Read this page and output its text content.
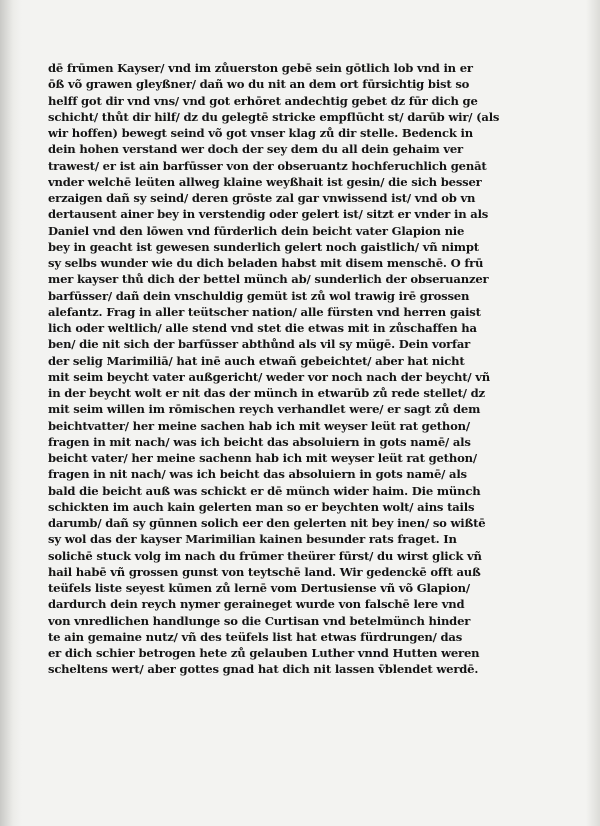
dē frūmen Kayser/ vnd im zůuerston gebē sein gōtlich lob vnd in er
ōß võ grawen gleyßner/ dañ wo du nit an dem ort fūrsichtig bist so
helff got dir vnd vns/ vnd got erhōret andechtig gebet dz fūr dich ge
schicht/ thůt dir hilf/ dz du gelegtē stricke empflūcht st/ darūb wir/ (als
wir hoffen) bewegt seind võ got vnser klag zů dir stelle. Bedenck in
dein hohen verstand wer doch der sey dem du all dein gehaim ver
trawest/ er ist ain barfūsser von der obseruantz hochferuchlich genāt
vnder welchē leüten allweg klaine weyßhait ist gesin/ die sich besser
erzaigen dañ sy seind/ deren grōste zal gar vnwissend ist/ vnd ob vn
dertausent ainer bey in verstendig oder gelert ist/ sitzt er vnder in als
Daniel vnd den lōwen vnd fūrderlich dein beicht vater Glapion nie
bey in geacht ist gewesen sunderlich gelert noch gaistlich/ vñ nimpt
sy selbs wunder wie du dich beladen habst mit disem menschē. O frū
mer kayser thů dich der bettel münch ab/ sunderlich der obseruanzer
barfūsser/ dañ dein vnschuldig gemüt ist zů wol trawig irē grossen
alefantz. Frag in aller teütscher nation/ alle fürsten vnd herren gaist
lich oder weltlich/ alle stend vnd stet die etwas mit in zůschaffen ha
ben/ die nit sich der barfūsser abthůnd als vil sy mügē. Dein vorfar
der selig Marimiliā/ hat inē auch etwañ gebeichtet/ aber hat nicht
mit seim beycht vater außgericht/ weder vor noch nach der beycht/ vñ
in der beycht wolt er nit das der münch in etwarūb zů rede stellet/ dz
mit seim willen im rōmischen reych verhandlet were/ er sagt zů dem
beichtvatter/ her meine sachen hab ich mit weyser leüt rat gethon/
fragen in mit nach/ was ich beicht das absoluiern in gots namē/ als
beicht vater/ her meine sachenn hab ich mit weyser leüt rat gethon/
fragen in nit nach/ was ich beicht das absoluiern in gots namē/ als
bald die beicht auß was schickt er dē münch wider haim. Die münch
schickten im auch kain gelerten man so er beychten wolt/ ains tails
darumb/ dañ sy gūnnen solich eer den gelerten nit bey inen/ so wißtē
sy wol das der kayser Marimilian kainen besunder rats fraget. In
solichē stuck volg im nach du frūmer theürer fūrst/ du wirst glick vñ
hail habē vñ grossen gunst von teytschē land. Wir gedenckē offt auß
teüfels liste seyest kūmen zů lernē vom Dertusiense vñ võ Glapion/
dardurch dein reych nymer geraineget wurde von falschē lere vnd
von vnredlichen handlunge so die Curtisan vnd betelmünch hinder
te ain gemaine nutz/ vñ des teüfels list hat etwas fürdrungen/ das
er dich schier betrogen hete zů gelauben Luther vnnd Hutten weren
scheltens wert/ aber gottes gnad hat dich nit lassen v̄blendet werdē.
